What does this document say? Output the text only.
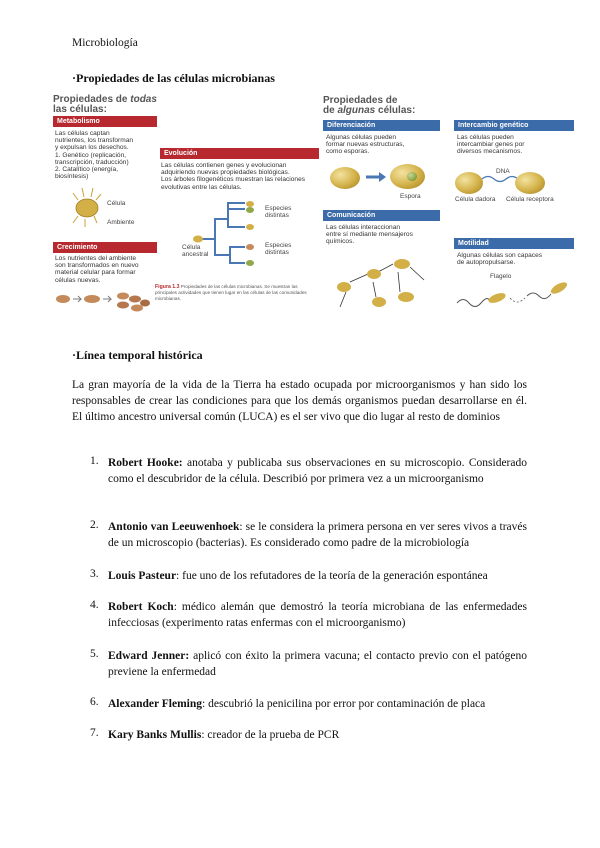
Microbiología
·Propiedades de las células microbianas
Propiedades de todas
las células:
Metabolismo
Las células captan
nutrientes, los transforman
y expulsan los desechos.
1. Genético (replicación,
transcripción, traducción)
2. Catalítico (energía,
biosíntesis)
Célula
Ambiente
Crecimiento
Los nutrientes del ambiente
son transformados en nuevo
material celular para formar
células nuevas.
Evolución
Las células contienen genes y evolucionan
adquiriendo nuevas propiedades biológicas.
Los árboles filogenéticos muestran las relaciones
evolutivas entre las células.
Especies
distintas
Especies
distintas
Célula
ancestral
Figura 1.3 Propiedades de las células microbianas. Se muestran las
principales actividades que tienen lugar en las células de las comunidades
microbianas.
Propiedades de
de algunas células:
Diferenciación
Algunas células pueden
formar nuevas estructuras,
como esporas.
Espora
Intercambio genético
Las células pueden
intercambiar genes por
diversos mecanismos.
DNA
Célula dadora Célula receptora
Comunicación
Las células interaccionan
entre sí mediante mensajeros
químicos.	Motilidad
Algunas células son capaces
de autopropulsarse.
Flagelo
·Línea temporal histórica

La gran mayoría de la vida de la Tierra ha estado ocupada por microorganismos y han sido los responsables de crear las condiciones para que los demás organismos puedan desarrollarse en él. El último ancestro universal común (LUCA) es el ser vivo que dio lugar al resto de dominios

1. Robert Hooke: anotaba y publicaba sus observaciones en su microscopio. Considerado como el descubridor de la célula. Describió por primera vez a un microorganismo
2. Antonio van Leeuwenhoek: se le considera la primera persona en ver seres vivos a través de un microscopio (bacterias). Es considerado como padre de la microbiología
3. Louis Pasteur: fue uno de los refutadores de la teoría de la generación espontánea
4. Robert Koch: médico alemán que demostró la teoría microbiana de las enfermedades infecciosas (experimento ratas enfermas con el microorganismo)
5. Edward Jenner: aplicó con éxito la primera vacuna; el contacto previo con el patógeno previene la enfermedad
6. Alexander Fleming: descubrió la penicilina por error por contaminación de placa
7. Kary Banks Mullis: creador de la prueba de PCR
